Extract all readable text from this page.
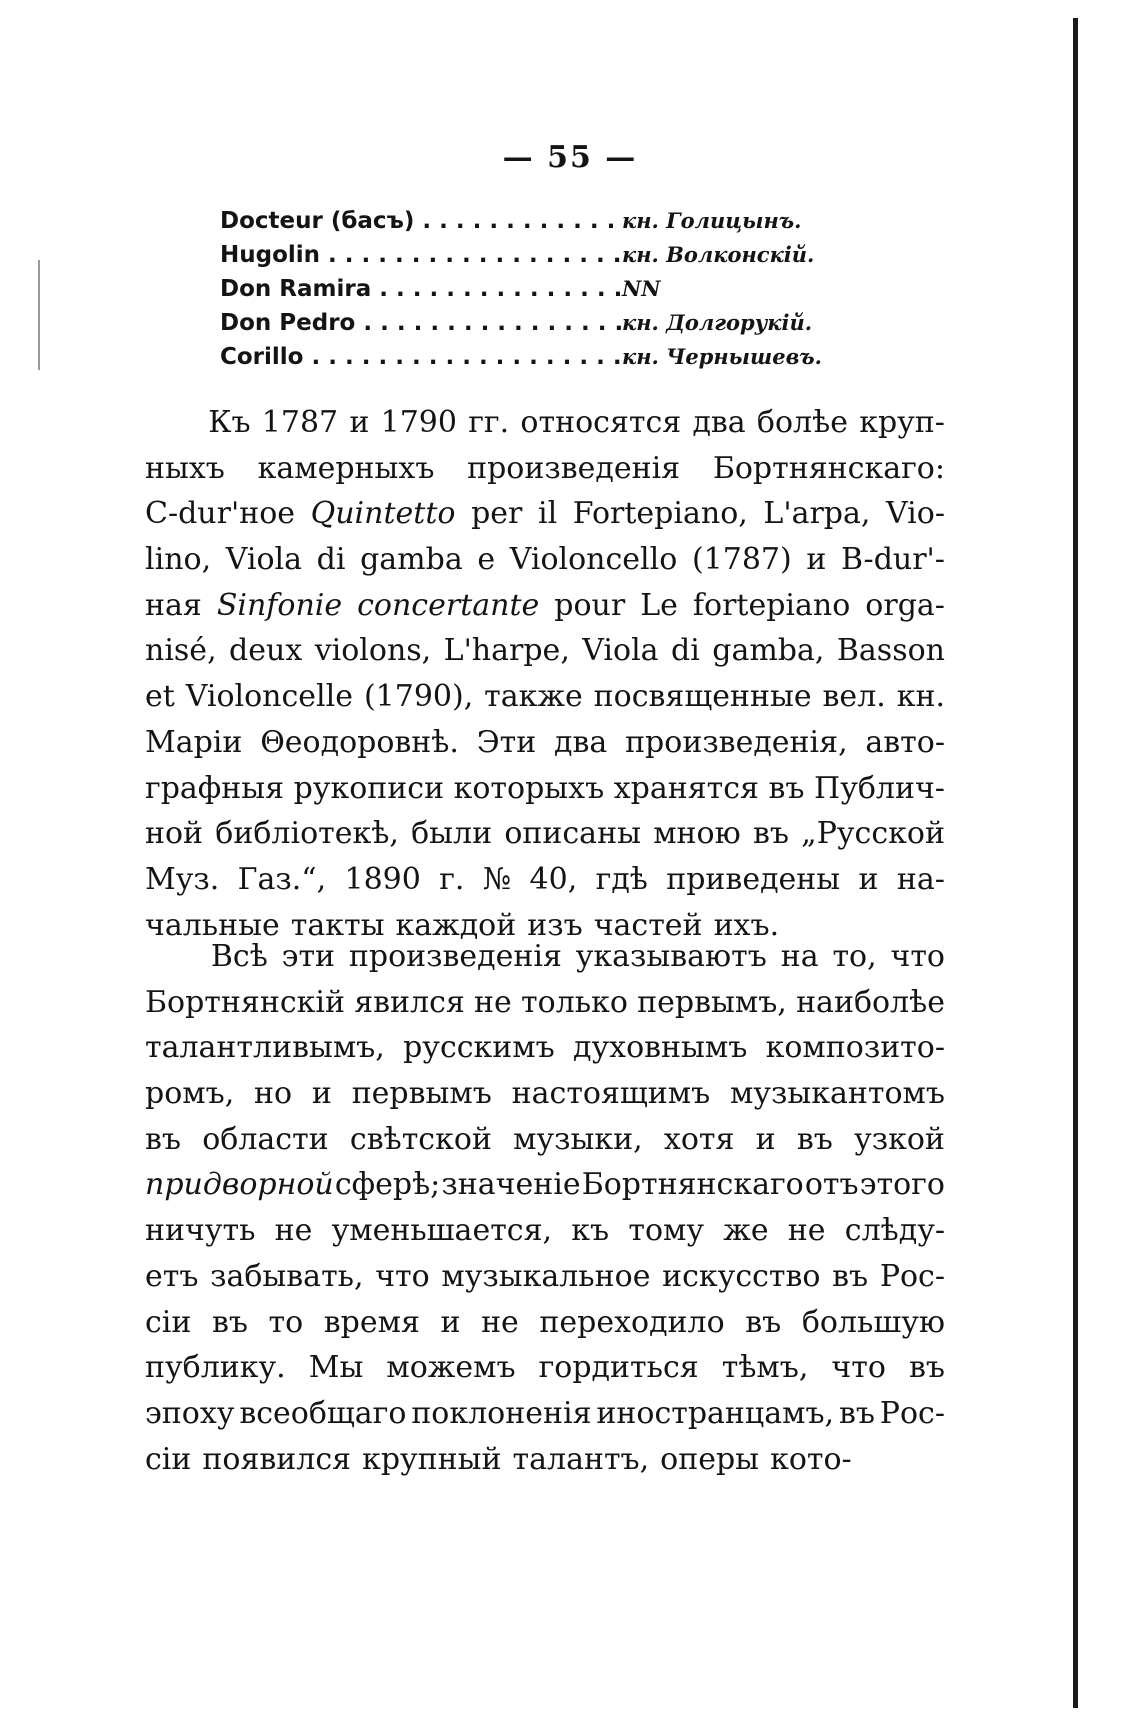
— 55 —
Docteur (басъ) . . .	кн. Голицынъ.
Hugolin . . .	кн. Волконскій.
Don Ramira . . .	NN
Don Pedro . . .	кн. Долгорукій.
Corillo . . .	кн. Чернышевъ.
Къ 1787 и 1790 гг. относятся два болѣе круп-
ныхъ камерныхъ произведенія Бортнянскаго:
C-dur'ное Quintetto per il Fortepiano, L'arpa, Vio-
lino, Viola di gamba e Violoncello (1787) и B-dur'-
ная Sinfonie concertante pour Le fortepiano orga-
nisé, deux violons, L'harpe, Viola di gamba, Basson
et Violoncelle (1790), также посвященные вел. кн.
Маріи Θеодоровнѣ. Эти два произведенія, авто-
графныя рукописи которыхъ хранятся въ Публич-
ной библіотекѣ, были описаны мною въ „Русской
Муз. Газ.“, 1890 г. № 40, гдѣ приведены и на-
чальные такты каждой изъ частей ихъ.
Всѣ эти произведенія указываютъ на то, что
Бортнянскій явился не только первымъ, наиболѣе
талантливымъ, русскимъ духовнымъ композито-
ромъ, но и первымъ настоящимъ музыкантомъ
въ области свѣтской музыки, хотя и въ узкой
придворной сферѣ; значеніе Бортнянскаго отъ этого
ничуть не уменьшается, къ тому же не слѣду-
етъ забывать, что музыкальное искусство въ Рос-
сіи въ то время и не переходило въ большую
публику. Мы можемъ гордиться тѣмъ, что въ
эпоху всеобщаго поклоненія иностранцамъ, въ Рос-
сіи появился крупный талантъ, оперы кото-
